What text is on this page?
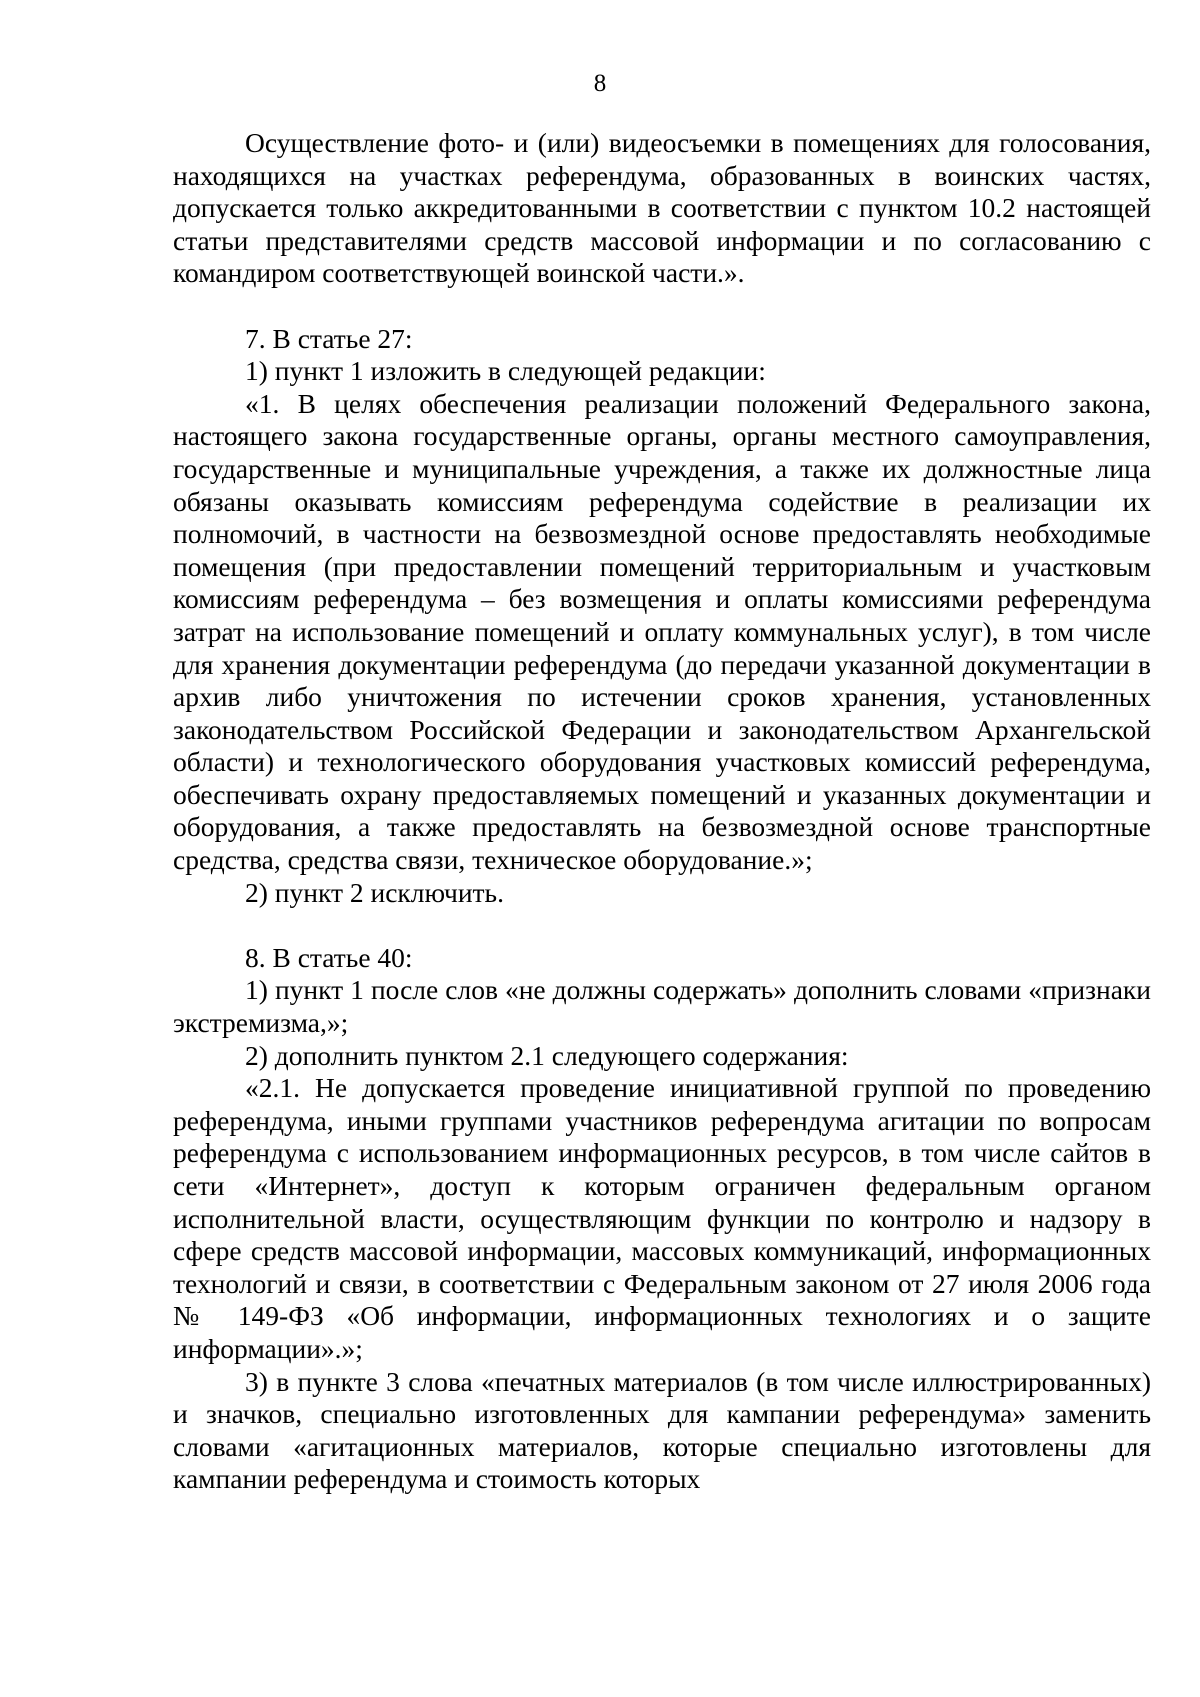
8

Осуществление фото- и (или) видеосъемки в помещениях для голосования, находящихся на участках референдума, образованных в воинских частях, допускается только аккредитованными в соответствии с пунктом 10.2 настоящей статьи представителями средств массовой информации и по согласованию с командиром соответствующей воинской части.».

7. В статье 27:

1) пункт 1 изложить в следующей редакции:

«1. В целях обеспечения реализации положений Федерального закона, настоящего закона государственные органы, органы местного самоуправления, государственные и муниципальные учреждения, а также их должностные лица обязаны оказывать комиссиям референдума содействие в реализации их полномочий, в частности на безвозмездной основе предоставлять необходимые помещения (при предоставлении помещений территориальным и участковым комиссиям референдума – без возмещения и оплаты комиссиями референдума затрат на использование помещений и оплату коммунальных услуг), в том числе для хранения документации референдума (до передачи указанной документации в архив либо уничтожения по истечении сроков хранения, установленных законодательством Российской Федерации и законодательством Архангельской области) и технологического оборудования участковых комиссий референдума, обеспечивать охрану предоставляемых помещений и указанных документации и оборудования, а также предоставлять на безвозмездной основе транспортные средства, средства связи, техническое оборудование.»;

2) пункт 2 исключить.

8. В статье 40:

1) пункт 1 после слов «не должны содержать» дополнить словами «признаки экстремизма,»;

2) дополнить пунктом 2.1 следующего содержания:

«2.1. Не допускается проведение инициативной группой по проведению референдума, иными группами участников референдума агитации по вопросам референдума с использованием информационных ресурсов, в том числе сайтов в сети «Интернет», доступ к которым ограничен федеральным органом исполнительной власти, осуществляющим функции по контролю и надзору в сфере средств массовой информации, массовых коммуникаций, информационных технологий и связи, в соответствии с Федеральным законом от 27 июля 2006 года № 149-ФЗ «Об информации, информационных технологиях и о защите информации».»;

3) в пункте 3 слова «печатных материалов (в том числе иллюстрированных) и значков, специально изготовленных для кампании референдума» заменить словами «агитационных материалов, которые специально изготовлены для кампании референдума и стоимость которых
